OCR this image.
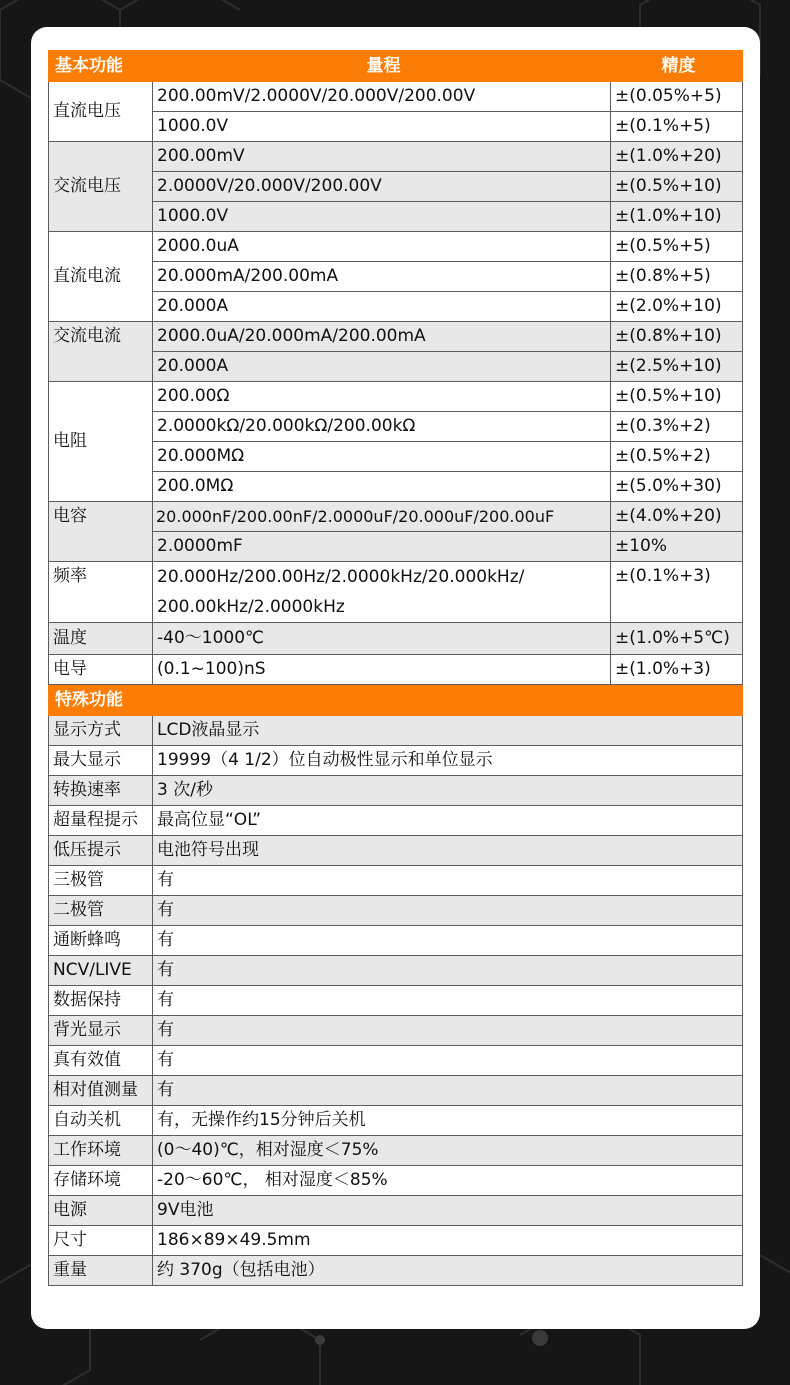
基本功能	量程	精度
直流电压	200.00mV/2.0000V/20.000V/200.00V	±(0.05%+5)
	1000.0V	±(0.1%+5)
交流电压	200.00mV	±(1.0%+20)
	2.0000V/20.000V/200.00V	±(0.5%+10)
	1000.0V	±(1.0%+10)
直流电流	2000.0uA	±(0.5%+5)
	20.000mA/200.00mA	±(0.8%+5)
	20.000A	±(2.0%+10)
交流电流	2000.0uA/20.000mA/200.00mA	±(0.8%+10)
	20.000A	±(2.5%+10)
电阻	200.00Ω	±(0.5%+10)
	2.0000kΩ/20.000kΩ/200.00kΩ	±(0.3%+2)
	20.000MΩ	±(0.5%+2)
	200.0MΩ	±(5.0%+30)
电容	20.000nF/200.00nF/2.0000uF/20.000uF/200.00uF	±(4.0%+20)
	2.0000mF	±10%
频率	20.000Hz/200.00Hz/2.0000kHz/20.000kHz/
200.00kHz/2.0000kHz	±(0.1%+3)
温度	-40～1000℃	±(1.0%+5℃)
电导	(0.1~100)nS	±(1.0%+3)
特殊功能		
显示方式	LCD液晶显示	
最大显示	19999（4 1/2）位自动极性显示和单位显示	
转换速率	3 次/秒	
超量程提示	最高位显“OL”	
低压提示	电池符号出现	
三极管	有	
二极管	有	
通断蜂鸣	有	
NCV/LIVE	有	
数据保持	有	
背光显示	有	
真有效值	有	
相对值测量	有	
自动关机	有，无操作约15分钟后关机	
工作环境	(0～40)℃，相对湿度＜75%	
存储环境	-20～60℃， 相对湿度＜85%	
电源	9V电池	
尺寸	186×89×49.5mm	
重量	约 370g（包括电池）	
